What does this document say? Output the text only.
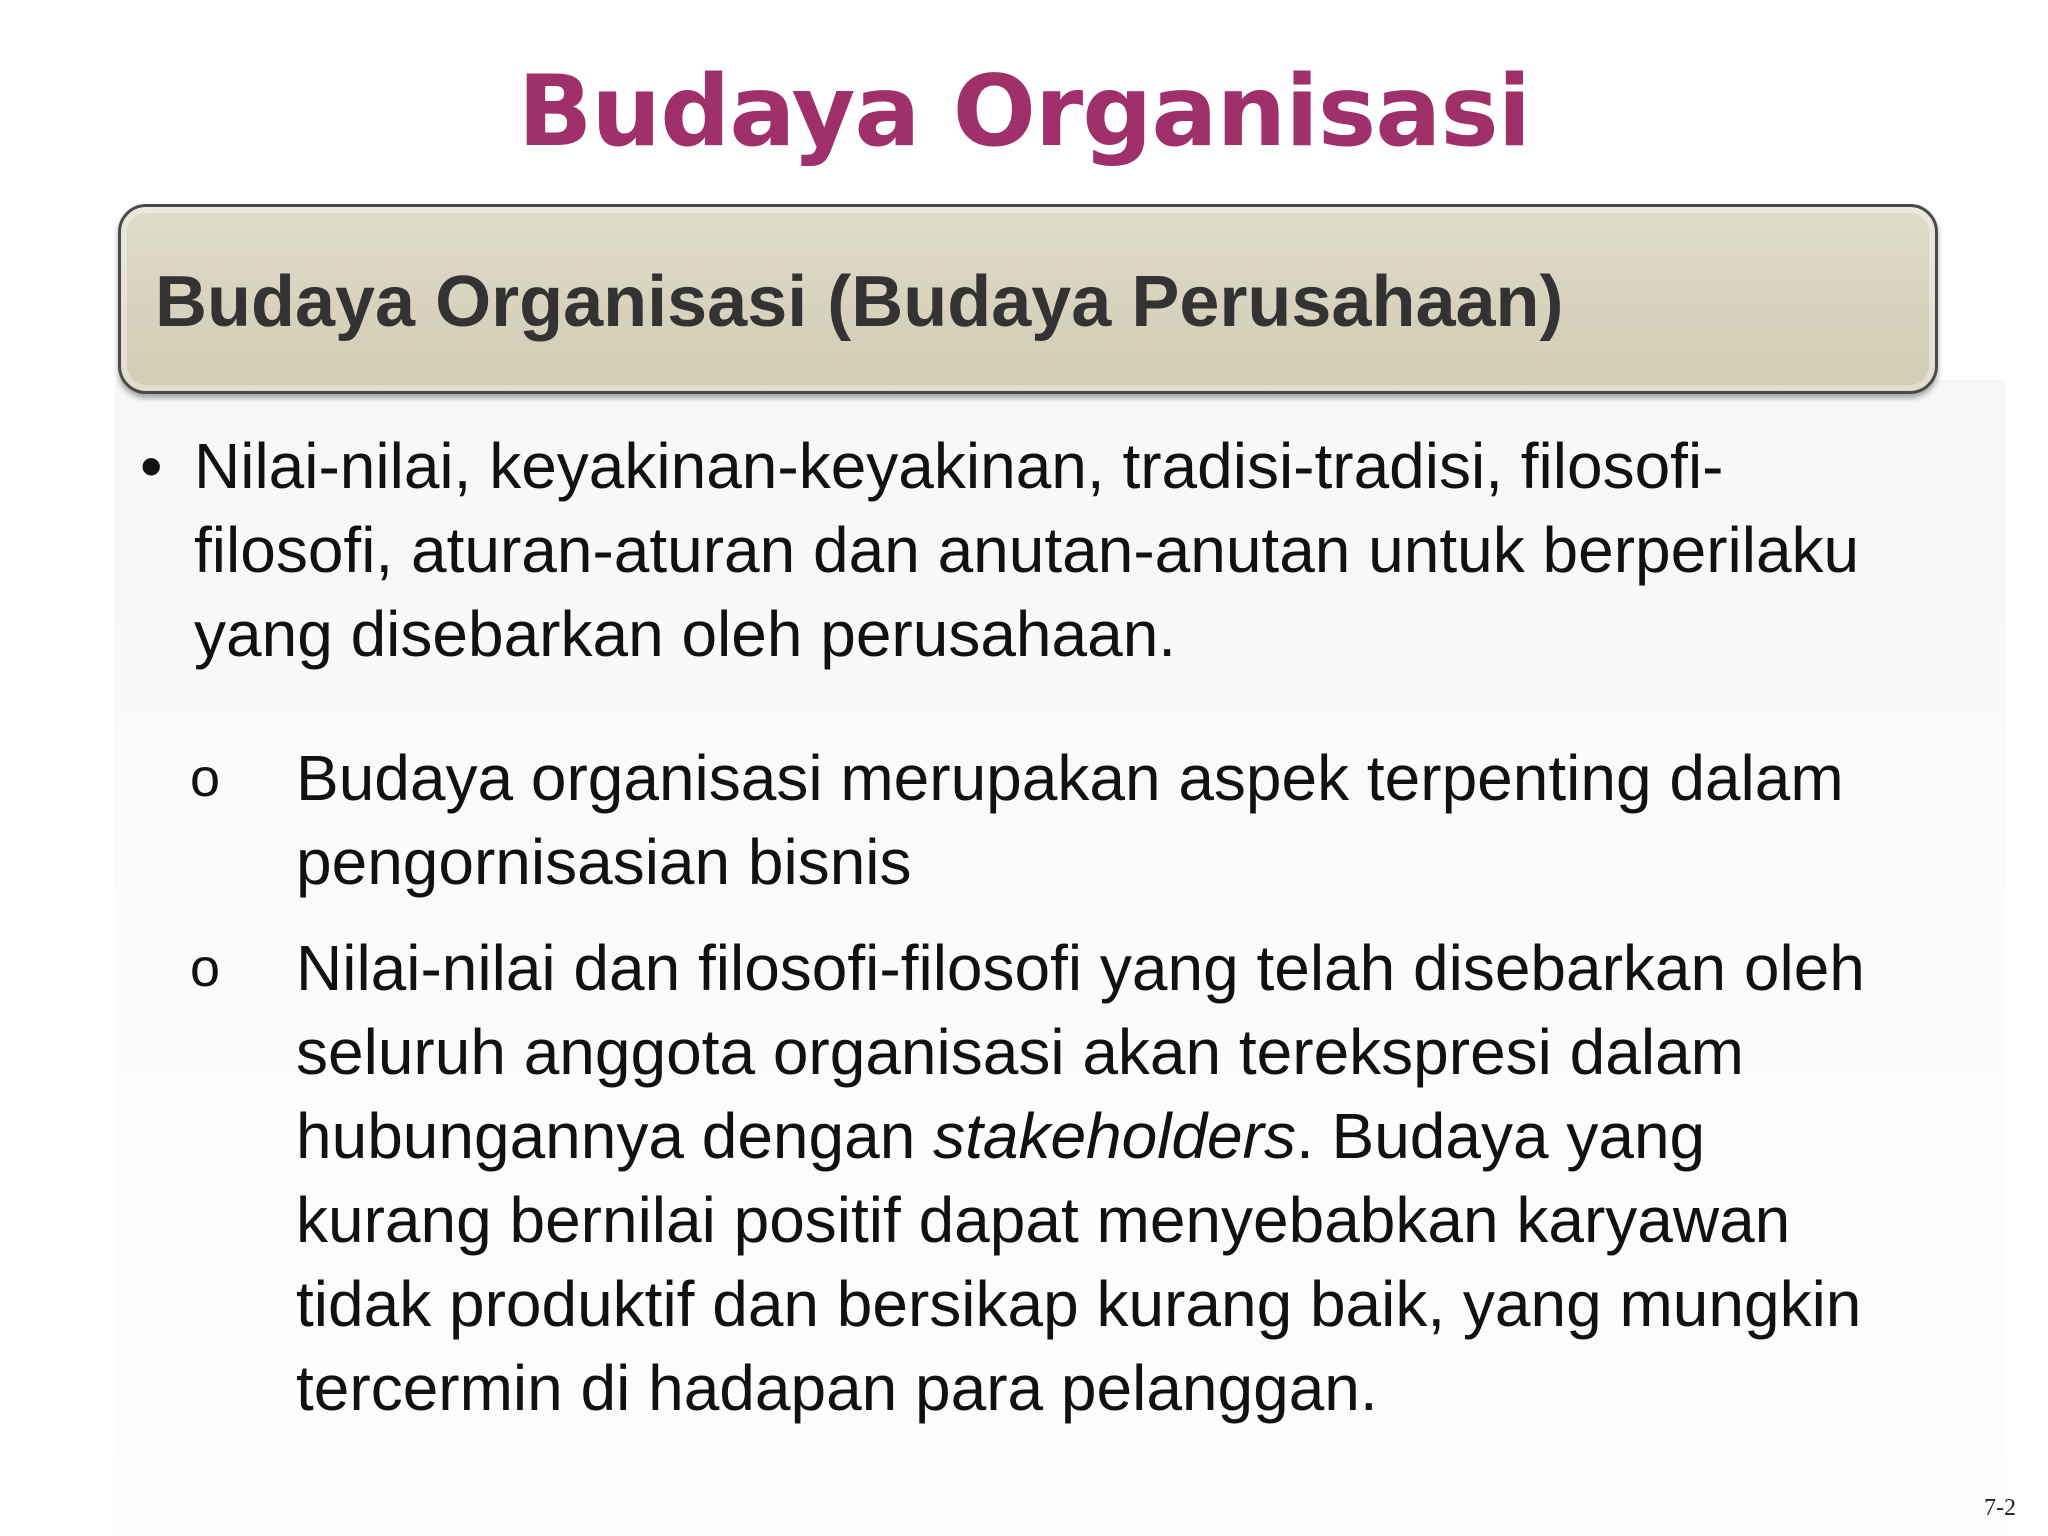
Budaya Organisasi
Budaya Organisasi (Budaya Perusahaan)
• Nilai-nilai, keyakinan-keyakinan, tradisi-tradisi, filosofi-filosofi, aturan-aturan dan anutan-anutan untuk berperilaku yang disebarkan oleh perusahaan.
o	Budaya organisasi merupakan aspek terpenting dalam pengornisasian bisnis
o	Nilai-nilai dan filosofi-filosofi yang telah disebarkan oleh seluruh anggota organisasi akan terekspresi dalam hubungannya dengan stakeholders. Budaya yang kurang bernilai positif dapat menyebabkan karyawan tidak produktif dan bersikap kurang baik, yang mungkin tercermin di hadapan para pelanggan.
7-2
